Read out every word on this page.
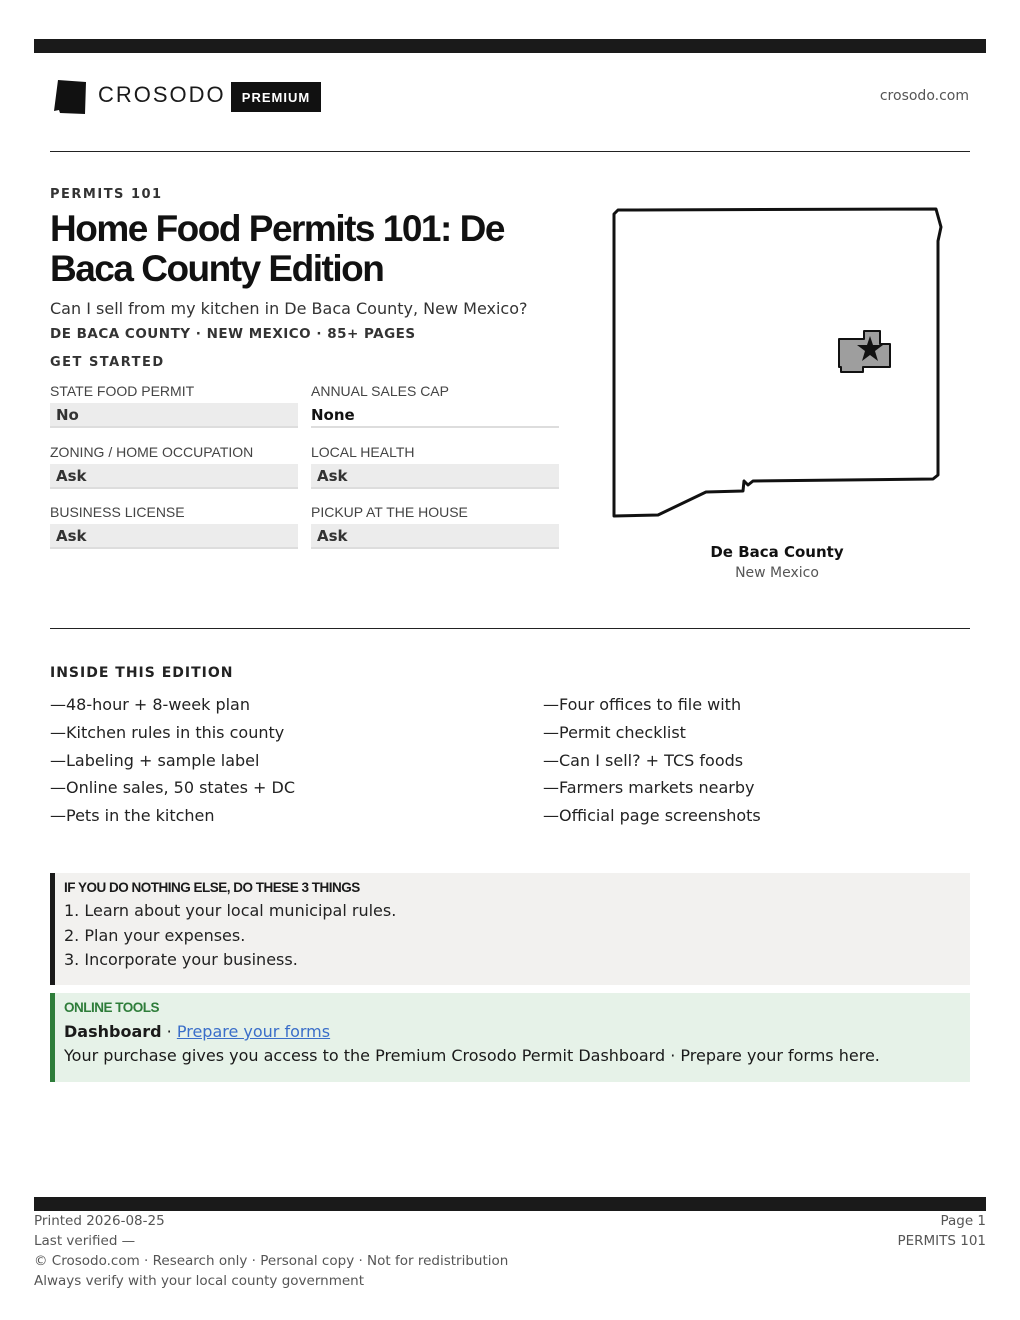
CROSODO	PREMIUM	crosodo.com
PERMITS 101
Home Food Permits 101: De Baca County Edition
Can I sell from my kitchen in De Baca County, New Mexico?
DE BACA COUNTY · NEW MEXICO · 85+ PAGES
GET STARTED
STATE FOOD PERMIT
No
ANNUAL SALES CAP
None
ZONING / HOME OCCUPATION
Ask
LOCAL HEALTH
Ask
BUSINESS LICENSE
Ask
PICKUP AT THE HOUSE
Ask
De Baca County
New Mexico
INSIDE THIS EDITION
—48-hour + 8-week plan
—Kitchen rules in this county
—Labeling + sample label
—Online sales, 50 states + DC
—Pets in the kitchen
—Four offices to file with
—Permit checklist
—Can I sell? + TCS foods
—Farmers markets nearby
—Official page screenshots
IF YOU DO NOTHING ELSE, DO THESE 3 THINGS
1. Learn about your local municipal rules.
2. Plan your expenses.
3. Incorporate your business.
ONLINE TOOLS
Dashboard · Prepare your forms
Your purchase gives you access to the Premium Crosodo Permit Dashboard · Prepare your forms here.
Printed 2026-08-25
Last verified —
© Crosodo.com · Research only · Personal copy · Not for redistribution
Always verify with your local county government
Page 1
PERMITS 101
